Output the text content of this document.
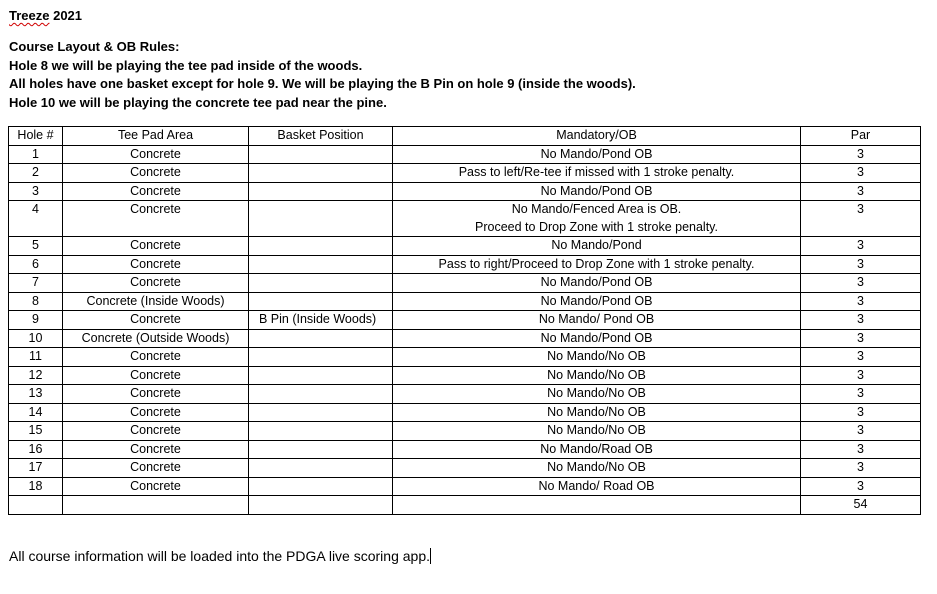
Treeze 2021
Course Layout & OB Rules:
Hole 8 we will be playing the tee pad inside of the woods.
All holes have one basket except for hole 9. We will be playing the B Pin on hole 9 (inside the woods).
Hole 10 we will be playing the concrete tee pad near the pine.
Hole #	Tee Pad Area	Basket Position	Mandatory/OB	Par
1	Concrete		No Mando/Pond OB	3
2	Concrete		Pass to left/Re-tee if missed with 1 stroke penalty.	3
3	Concrete		No Mando/Pond OB	3
4	Concrete		No Mando/Fenced Area is OB.
Proceed to Drop Zone with 1 stroke penalty.	3
5	Concrete		No Mando/Pond	3
6	Concrete		Pass to right/Proceed to Drop Zone with 1 stroke penalty.	3
7	Concrete		No Mando/Pond OB	3
8	Concrete (Inside Woods)		No Mando/Pond OB	3
9	Concrete	B Pin (Inside Woods)	No Mando/ Pond OB	3
10	Concrete (Outside Woods)		No Mando/Pond OB	3
11	Concrete		No Mando/No OB	3
12	Concrete		No Mando/No OB	3
13	Concrete		No Mando/No OB	3
14	Concrete		No Mando/No OB	3
15	Concrete		No Mando/No OB	3
16	Concrete		No Mando/Road OB	3
17	Concrete		No Mando/No OB	3
18	Concrete		No Mando/ Road OB	3
				54
All course information will be loaded into the PDGA live scoring app.
